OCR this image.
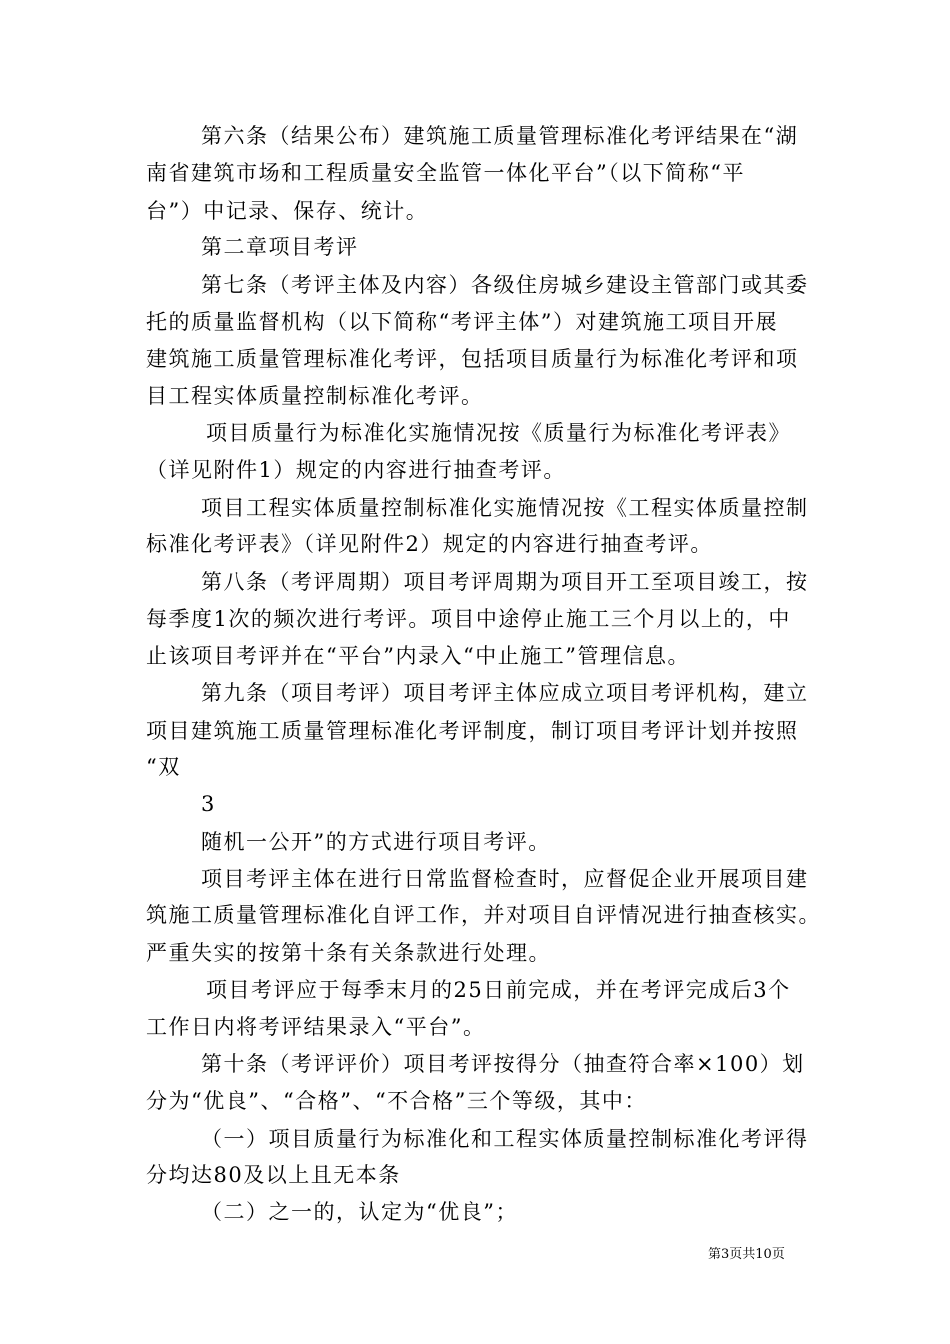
第六条（结果公布）建筑施工质量管理标准化考评结果在“湖
南省建筑市场和工程质量安全监管一体化平台”（以下简称“平
台”）中记录、保存、统计。
第二章项目考评
第七条（考评主体及内容）各级住房城乡建设主管部门或其委
托的质量监督机构（以下简称“考评主体”）对建筑施工项目开展
建筑施工质量管理标准化考评，包括项目质量行为标准化考评和项
目工程实体质量控制标准化考评。
项目质量行为标准化实施情况按《质量行为标准化考评表》
（详见附件1）规定的内容进行抽查考评。
项目工程实体质量控制标准化实施情况按《工程实体质量控制
标准化考评表》（详见附件2）规定的内容进行抽查考评。
第八条（考评周期）项目考评周期为项目开工至项目竣工，按
每季度1次的频次进行考评。项目中途停止施工三个月以上的，中
止该项目考评并在“平台”内录入“中止施工”管理信息。
第九条（项目考评）项目考评主体应成立项目考评机构，建立
项目建筑施工质量管理标准化考评制度，制订项目考评计划并按照
“双
3
随机一公开”的方式进行项目考评。
项目考评主体在进行日常监督检查时，应督促企业开展项目建
筑施工质量管理标准化自评工作，并对项目自评情况进行抽查核实。
严重失实的按第十条有关条款进行处理。
项目考评应于每季末月的25日前完成，并在考评完成后3个
工作日内将考评结果录入“平台”。
第十条（考评评价）项目考评按得分（抽查符合率×100）划
分为“优良”、“合格”、“不合格”三个等级，其中：
（一）项目质量行为标准化和工程实体质量控制标准化考评得
分均达80及以上且无本条
（二）之一的，认定为“优良”；
第3页共10页
